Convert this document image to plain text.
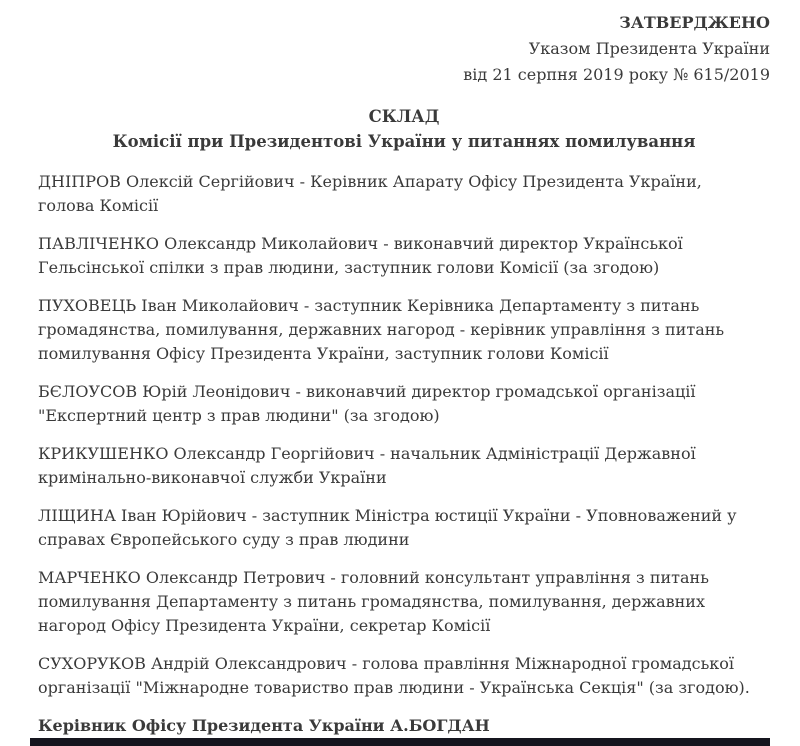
ЗАТВЕРДЖЕНО
Указом Президента України
від 21 серпня 2019 року № 615/2019
СКЛАД
Комісії при Президентові України у питаннях помилування

ДНІПРОВ Олексій Сергійович - Керівник Апарату Офісу Президента України, голова Комісії

ПАВЛІЧЕНКО Олександр Миколайович - виконавчий директор Української Гельсінської спілки з прав людини, заступник голови Комісії (за згодою)

ПУХОВЕЦЬ Іван Миколайович - заступник Керівника Департаменту з питань громадянства, помилування, державних нагород - керівник управління з питань помилування Офісу Президента України, заступник голови Комісії

БЄЛОУСОВ Юрій Леонідович - виконавчий директор громадської організації "Експертний центр з прав людини" (за згодою)

КРИКУШЕНКО Олександр Георгійович - начальник Адміністрації Державної кримінально-виконавчої служби України

ЛІЩИНА Іван Юрійович - заступник Міністра юстиції України - Уповноважений у справах Європейського суду з прав людини

МАРЧЕНКО Олександр Петрович - головний консультант управління з питань помилування Департаменту з питань громадянства, помилування, державних нагород Офісу Президента України, секретар Комісії

СУХОРУКОВ Андрій Олександрович - голова правління Міжнародної громадської організації "Міжнародне товариство прав людини - Українська Секція" (за згодою).

Керівник Офісу Президента України А.БОГДАН
